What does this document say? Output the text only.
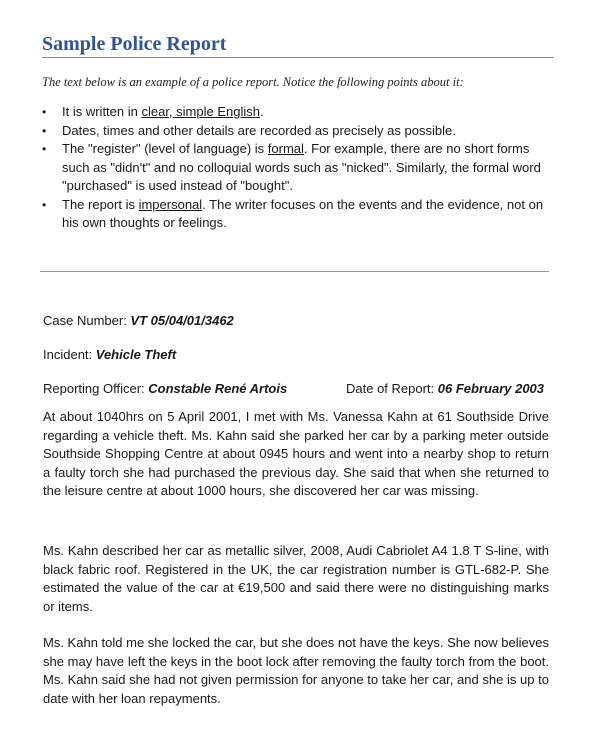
Sample Police Report
The text below is an example of a police report. Notice the following points about it:
• It is written in clear, simple English.
• Dates, times and other details are recorded as precisely as possible.
• The "register" (level of language) is formal. For example, there are no short forms such as "didn't" and no colloquial words such as "nicked". Similarly, the formal word "purchased" is used instead of "bought".
• The report is impersonal. The writer focuses on the events and the evidence, not on his own thoughts or feelings.
Case Number: VT 05/04/01/3462
Incident: Vehicle Theft
Reporting Officer: Constable René Artois	Date of Report: 06 February 2003

At about 1040hrs on 5 April 2001, I met with Ms. Vanessa Kahn at 61 Southside Drive regarding a vehicle theft. Ms. Kahn said she parked her car by a parking meter outside Southside Shopping Centre at about 0945 hours and went into a nearby shop to return a faulty torch she had purchased the previous day. She said that when she returned to the leisure centre at about 1000 hours, she discovered her car was missing.

Ms. Kahn described her car as metallic silver, 2008, Audi Cabriolet A4 1.8 T S-line, with black fabric roof. Registered in the UK, the car registration number is GTL-682-P. She estimated the value of the car at €19,500 and said there were no distinguishing marks or items.

Ms. Kahn told me she locked the car, but she does not have the keys. She now believes she may have left the keys in the boot lock after removing the faulty torch from the boot. Ms. Kahn said she had not given permission for anyone to take her car, and she is up to date with her loan repayments.
